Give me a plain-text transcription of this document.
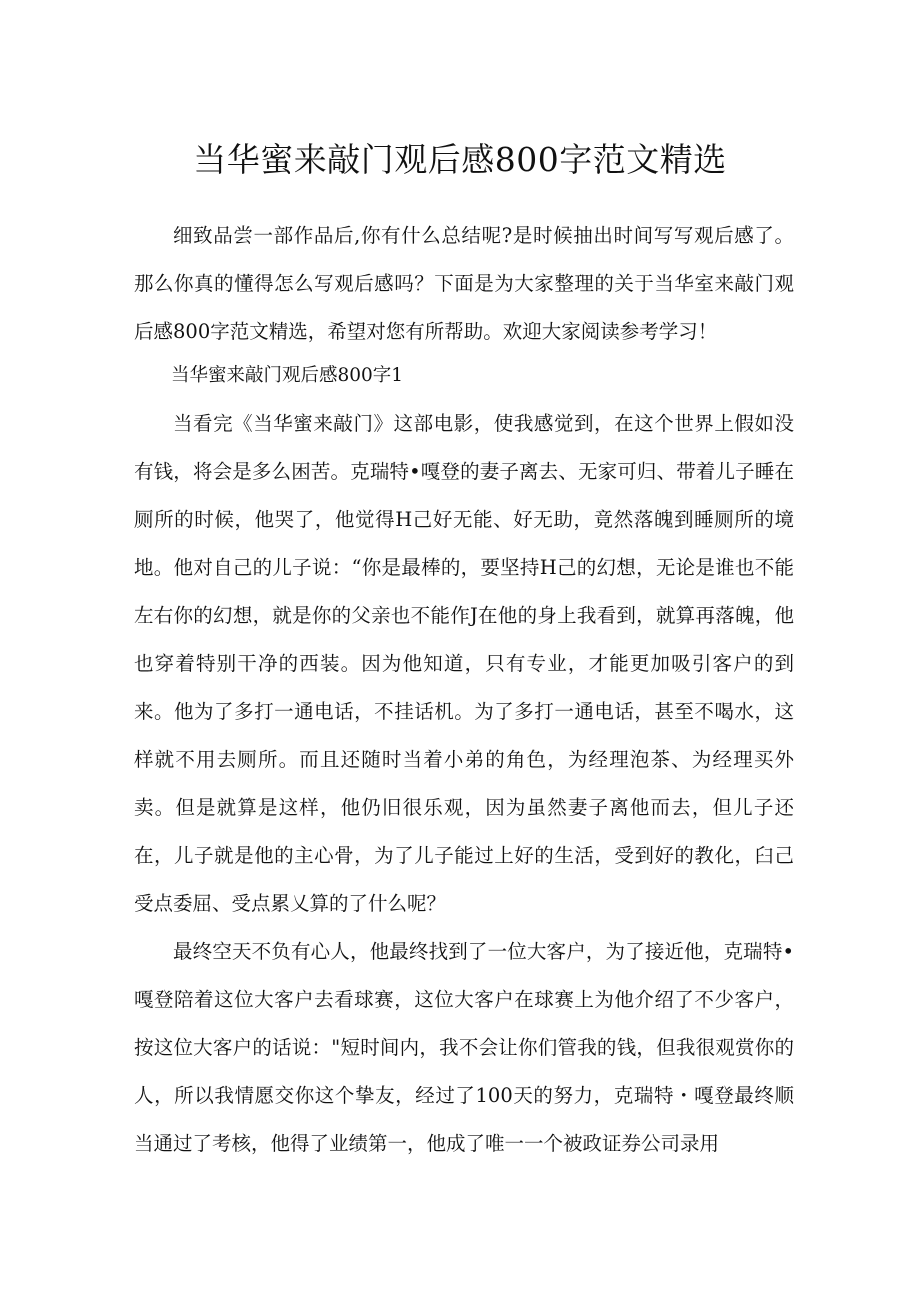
当华蜜来敲门观后感800字范文精选

细致品尝一部作品后,你有什么总结呢?是时候抽出时间写写观后感了。那么你真的懂得怎么写观后感吗？下面是为大家整理的关于当华室来敲门观后感800字范文精选，希望对您有所帮助。欢迎大家阅读参考学习！

当华蜜来敲门观后感800字1

当看完《当华蜜来敲门》这部电影，使我感觉到，在这个世界上假如没有钱，将会是多么困苦。克瑞特•嘎登的妻子离去、无家可归、带着儿子睡在厕所的时候，他哭了，他觉得H己好无能、好无助，竟然落魄到睡厕所的境地。他对自己的儿子说：“你是最棒的，要坚持H己的幻想，无论是谁也不能左右你的幻想，就是你的父亲也不能作J在他的身上我看到，就算再落魄，他也穿着特别干净的西装。因为他知道，只有专业，才能更加吸引客户的到来。他为了多打一通电话，不挂话机。为了多打一通电话，甚至不喝水，这样就不用去厕所。而且还随时当着小弟的角色，为经理泡茶、为经理买外卖。但是就算是这样，他仍旧很乐观，因为虽然妻子离他而去，但儿子还在，儿子就是他的主心骨，为了儿子能过上好的生活，受到好的教化，臼己受点委屈、受点累乂算的了什么呢？

最终空天不负有心人，他最终找到了一位大客户，为了接近他，克瑞特•嘎登陪着这位大客户去看球赛，这位大客户在球赛上为他介绍了不少客户，按这位大客户的话说："短时间内，我不会让你们管我的钱，但我很观赏你的人，所以我情愿交你这个挚友，经过了100天的努力，克瑞特・嘎登最终顺当通过了考核，他得了业绩第一，他成了唯一一个被政证券公司录用
